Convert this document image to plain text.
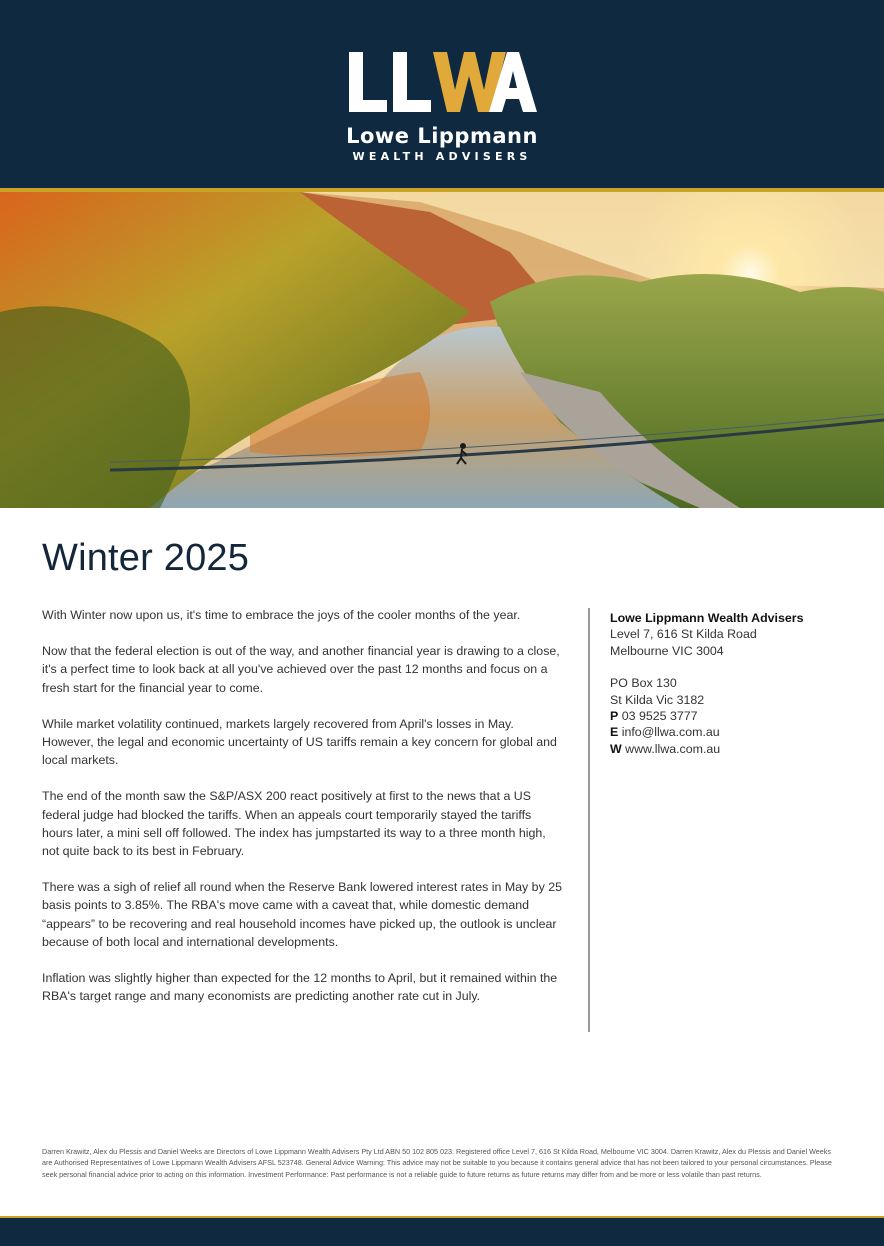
Lowe Lippmann
WEALTH ADVISERS
Winter 2025

With Winter now upon us, it's time to embrace the joys of the cooler months of the year.

Now that the federal election is out of the way, and another financial year is drawing to a close, it's a perfect time to look back at all you've achieved over the past 12 months and focus on a fresh start for the financial year to come.

While market volatility continued, markets largely recovered from April's losses in May. However, the legal and economic uncertainty of US tariffs remain a key concern for global and local markets.

The end of the month saw the S&P/ASX 200 react positively at first to the news that a US federal judge had blocked the tariffs. When an appeals court temporarily stayed the tariffs hours later, a mini sell off followed. The index has jumpstarted its way to a three month high, not quite back to its best in February.

There was a sigh of relief all round when the Reserve Bank lowered interest rates in May by 25 basis points to 3.85%. The RBA's move came with a caveat that, while domestic demand “appears” to be recovering and real household incomes have picked up, the outlook is unclear because of both local and international developments.

Inflation was slightly higher than expected for the 12 months to April, but it remained within the RBA's target range and many economists are predicting another rate cut in July.

Lowe Lippmann Wealth Advisers
Level 7, 616 St Kilda Road
Melbourne VIC 3004
PO Box 130
St Kilda Vic 3182
P 03 9525 3777
E info@llwa.com.au
W www.llwa.com.au
Darren Krawitz, Alex du Plessis and Daniel Weeks are Directors of Lowe Lippmann Wealth Advisers Pty Ltd ABN 50 102 805 023. Registered office Level 7, 616 St Kilda Road, Melbourne VIC 3004. Darren Krawitz, Alex du Plessis and Daniel Weeks are Authorised Representatives of Lowe Lippmann Wealth Advisers AFSL 523748. General Advice Warning: This advice may not be suitable to you because it contains general advice that has not been tailored to your personal circumstances. Please seek personal financial advice prior to acting on this information. Investment Performance: Past performance is not a reliable guide to future returns as future returns may differ from and be more or less volatile than past returns.
